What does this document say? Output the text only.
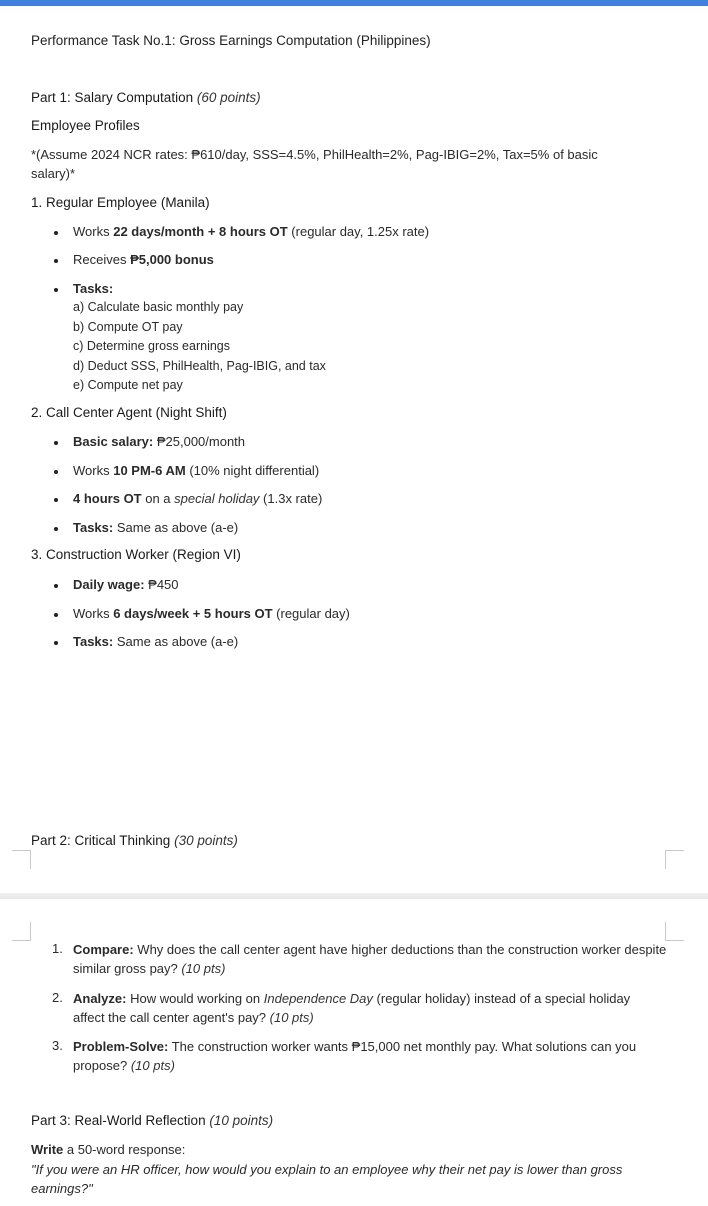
Performance Task No.1: Gross Earnings Computation (Philippines)
Part 1: Salary Computation (60 points)
Employee Profiles
*(Assume 2024 NCR rates: ₱610/day, SSS=4.5%, PhilHealth=2%, Pag-IBIG=2%, Tax=5% of basic
salary)*
1. Regular Employee (Manila)
Works 22 days/month + 8 hours OT (regular day, 1.25x rate)
Receives ₱5,000 bonus
Tasks:
a) Calculate basic monthly pay
b) Compute OT pay
c) Determine gross earnings
d) Deduct SSS, PhilHealth, Pag-IBIG, and tax
e) Compute net pay
2. Call Center Agent (Night Shift)
Basic salary: ₱25,000/month
Works 10 PM-6 AM (10% night differential)
4 hours OT on a special holiday (1.3x rate)
Tasks: Same as above (a-e)
3. Construction Worker (Region VI)
Daily wage: ₱450
Works 6 days/week + 5 hours OT (regular day)
Tasks: Same as above (a-e)
Part 2: Critical Thinking (30 points)
1. Compare: Why does the call center agent have higher deductions than the construction worker despite similar gross pay? (10 pts)
2. Analyze: How would working on Independence Day (regular holiday) instead of a special holiday affect the call center agent's pay? (10 pts)
3. Problem-Solve: The construction worker wants ₱15,000 net monthly pay. What solutions can you propose? (10 pts)
Part 3: Real-World Reflection (10 points)
Write a 50-word response:
"If you were an HR officer, how would you explain to an employee why their net pay is lower than gross earnings?"
